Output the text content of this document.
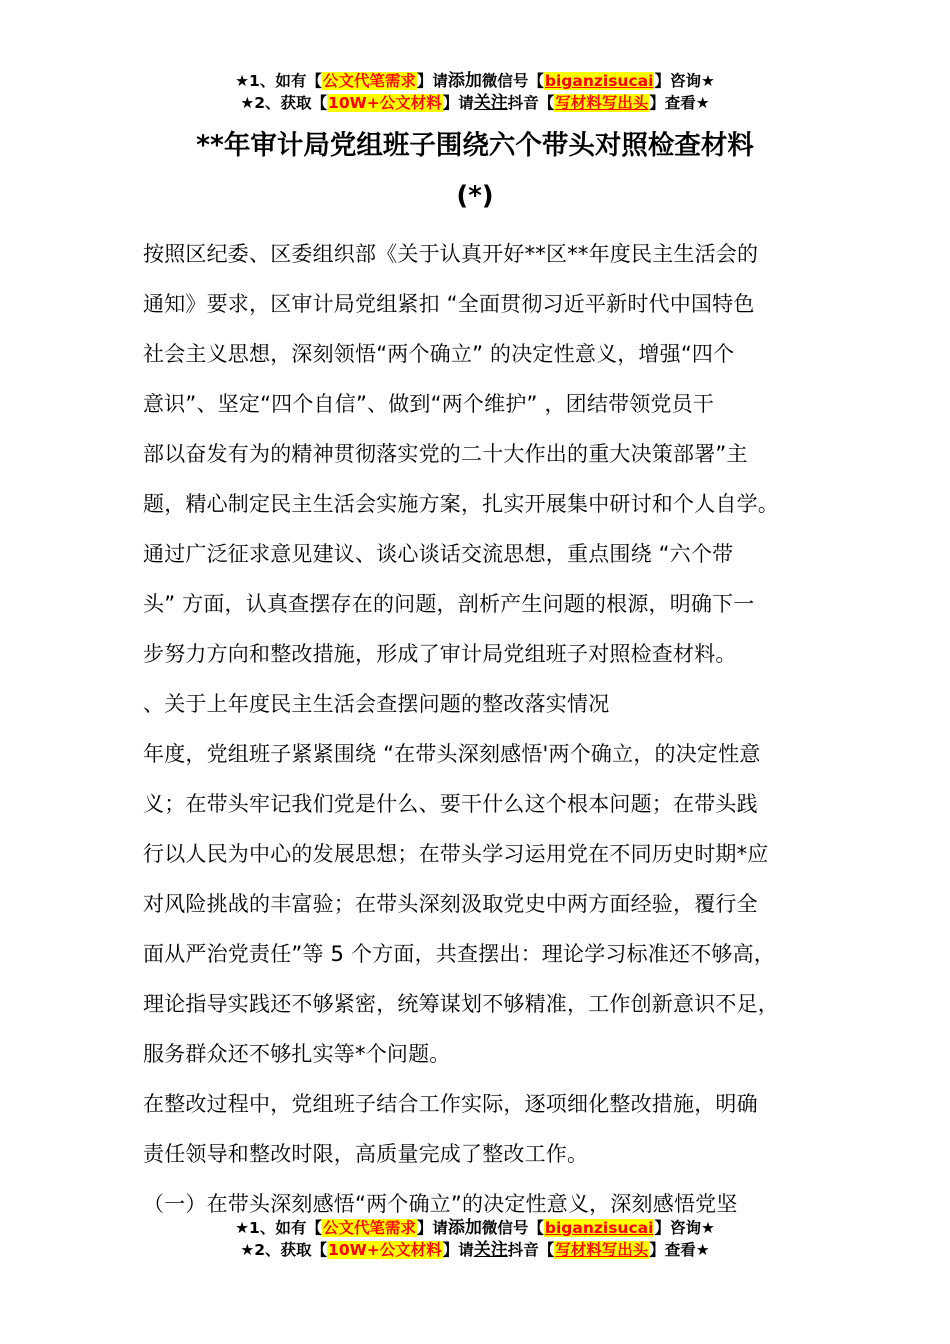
★1、如有【公文代笔需求】请添加微信号【biganzisucai】咨询★
★2、获取【10W+公文材料】请关注抖音【写材料写出头】查看★
**年审计局党组班子围绕六个带头对照检查材料
(*)
按照区纪委、区委组织部《关于认真开好**区**年度民主生活会的
通知》要求，区审计局党组紧扣 “全面贯彻习近平新时代中国特色
社会主义思想，深刻领悟“两个确立” 的决定性意义，增强“四个
意识”、坚定“四个自信”、做到“两个维护” ，团结带领党员干
部以奋发有为的精神贯彻落实党的二十大作出的重大决策部署”主
题，精心制定民主生活会实施方案，扎实开展集中研讨和个人自学。
通过广泛征求意见建议、谈心谈话交流思想，重点围绕 “六个带
头” 方面，认真查摆存在的问题，剖析产生问题的根源，明确下一
步努力方向和整改措施，形成了审计局党组班子对照检查材料。
、关于上年度民主生活会查摆问题的整改落实情况
年度，党组班子紧紧围绕 “在带头深刻感悟'两个确立，的决定性意
义；在带头牢记我们党是什么、要干什么这个根本问题；在带头践
行以人民为中心的发展思想；在带头学习运用党在不同历史时期*应
对风险挑战的丰富验；在带头深刻汲取党史中两方面经验，覆行全
面从严治党责任”等 5 个方面，共查摆出：理论学习标准还不够高，
理论指导实践还不够紧密，统筹谋划不够精准，工作创新意识不足，
服务群众还不够扎实等*个问题。
在整改过程中，党组班子结合工作实际，逐项细化整改措施，明确
责任领导和整改时限，高质量完成了整改工作。
（一）在带头深刻感悟“两个确立”的决定性意义，深刻感悟党坚
★1、如有【公文代笔需求】请添加微信号【biganzisucai】咨询★
★2、获取【10W+公文材料】请关注抖音【写材料写出头】查看★
